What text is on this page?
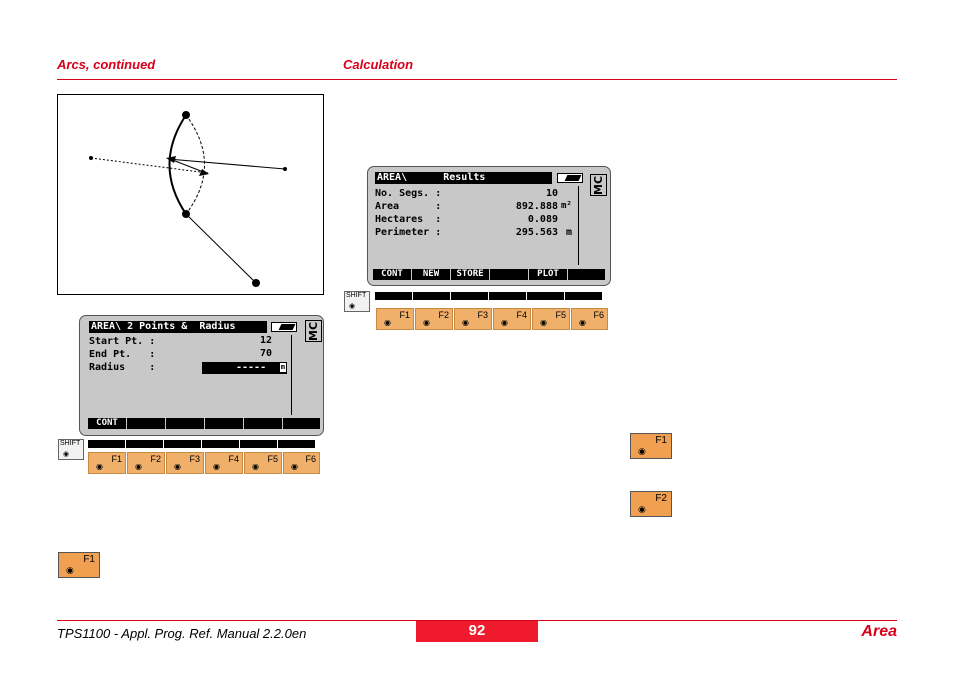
Arcs, continued	Calculation
AREA\ 2 Points &  Radius	MC
Start Pt. :	12
End Pt.   :	70
Radius    :	----- m
CONT
SHIFT
◉	F1
◉
F2
◉
F3
◉
F4
◉
F5
◉
F6
◉
AREA\      Results	MC
No. Segs. :	10
Area      :	892.888 m²
Hectares  :	0.089
Perimeter :	295.563 m
CONT	NEW	STORE	PLOT
SHIFT
◉
F1
◉
F2
◉
F3
◉
F4
◉
F5
◉
F6
◉
F1
◉
F2
◉
F1
◉
TPS1100 - Appl. Prog. Ref. Manual 2.2.0en	92	Area
